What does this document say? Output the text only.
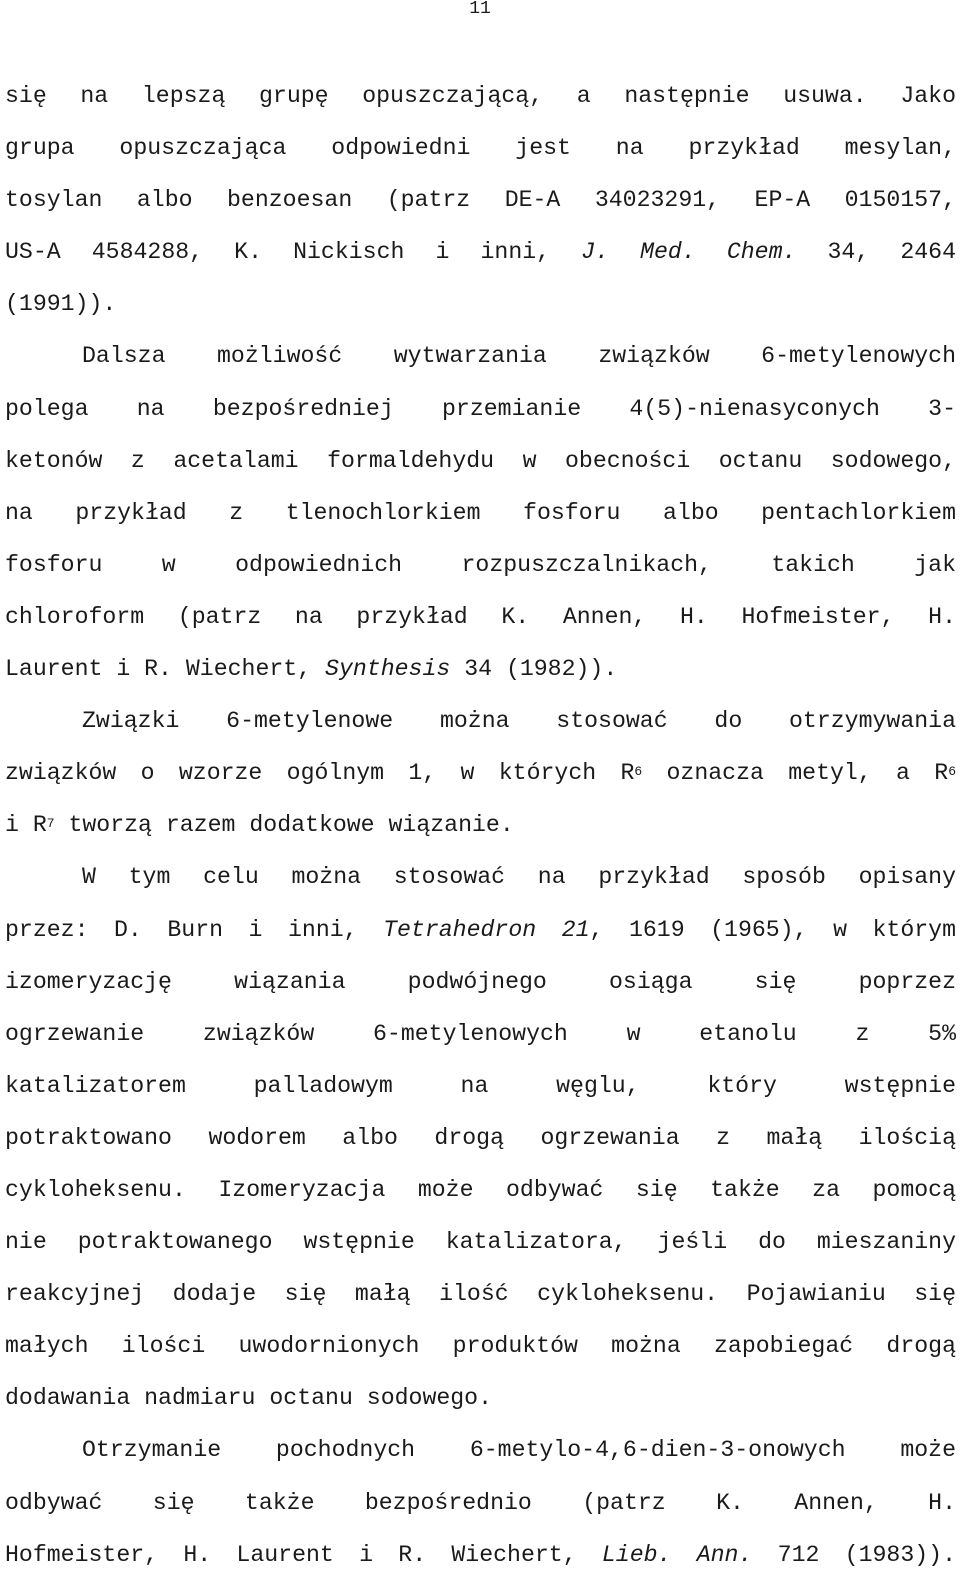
11
się na lepszą grupę opuszczającą, a następnie usuwa. Jako
grupa opuszczająca odpowiedni jest na przykład mesylan,
tosylan albo benzoesan (patrz DE-A 34023291, EP-A 0150157,
US-A 4584288, K. Nickisch i inni, J. Med. Chem. 34, 2464
(1991)).
Dalsza możliwość wytwarzania związków 6-metylenowych
polega na bezpośredniej przemianie 4(5)-nienasyconych 3-
ketonów z acetalami formaldehydu w obecności octanu sodowego,
na przykład z tlenochlorkiem fosforu albo pentachlorkiem
fosforu w odpowiednich rozpuszczalnikach, takich jak
chloroform (patrz na przykład K. Annen, H. Hofmeister, H.
Laurent i R. Wiechert, Synthesis 34 (1982)).
Związki 6-metylenowe można stosować do otrzymywania
związków o wzorze ogólnym 1, w których $R^6$ oznacza metyl, a $R^6$
i $R^7$ tworzą razem dodatkowe wiązanie.
W tym celu można stosować na przykład sposób opisany
przez: D. Burn i inni, Tetrahedron 21, 1619 (1965), w którym
izomeryzację wiązania podwójnego osiąga się poprzez
ogrzewanie związków 6-metylenowych w etanolu z 5%
katalizatorem palladowym na węglu, który wstępnie
potraktowano wodorem albo drogą ogrzewania z małą ilością
cykloheksenu. Izomeryzacja może odbywać się także za pomocą
nie potraktowanego wstępnie katalizatora, jeśli do mieszaniny
reakcyjnej dodaje się małą ilość cykloheksenu. Pojawianiu się
małych ilości uwodornionych produktów można zapobiegać drogą
dodawania nadmiaru octanu sodowego.
Otrzymanie pochodnych 6-metylo-4,6-dien-3-onowych może
odbywać się także bezpośrednio (patrz K. Annen, H.
Hofmeister, H. Laurent i R. Wiechert, Lieb. Ann. 712 (1983)).
